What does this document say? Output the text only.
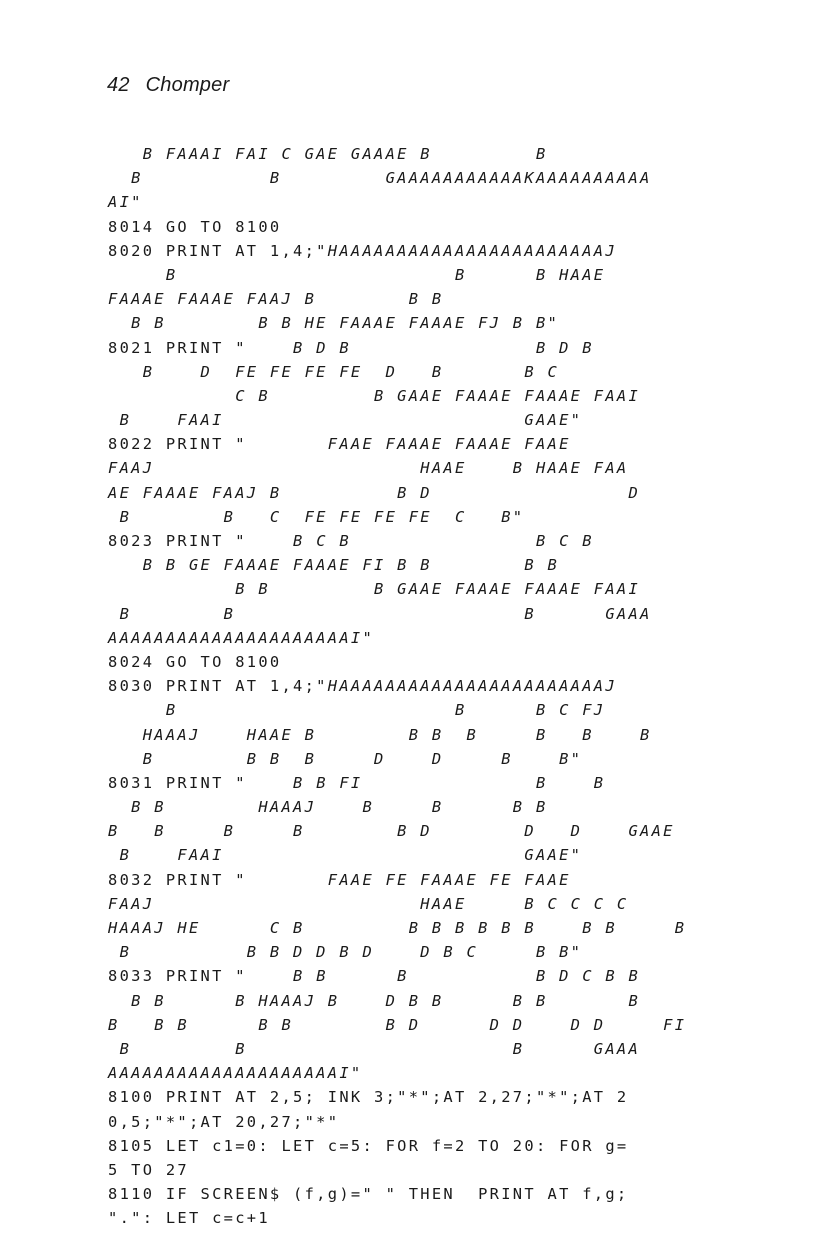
42 Chomper
B FAAAI FAI C GAE GAAAE B         B
B           B         GAAAAAAAAAAAKAAAAAAAAAA
AI"
8014 GO TO 8100
8020 PRINT AT 1,4;"HAAAAAAAAAAAAAAAAAAAAAAAJ
B                        B      B HAAE
FAAAE FAAAE FAAJ B        B B
B B        B B HE FAAAE FAAAE FJ B B"
8021 PRINT "    B D B                B D B
B    D  FE FE FE FE  D   B       B C
C B         B GAAE FAAAE FAAAE FAAI
B    FAAI                          GAAE"
8022 PRINT "       FAAE FAAAE FAAAE FAAE
FAAJ                       HAAE    B HAAE FAA
AE FAAAE FAAJ B          B D                 D
B        B   C  FE FE FE FE  C   B"
8023 PRINT "    B C B                B C B
B B GE FAAAE FAAAE FI B B        B B
B B         B GAAE FAAAE FAAAE FAAI
B        B                         B      GAAA
AAAAAAAAAAAAAAAAAAAAAI"
8024 GO TO 8100
8030 PRINT AT 1,4;"HAAAAAAAAAAAAAAAAAAAAAAAJ
B                        B      B C FJ
HAAAJ    HAAE B        B B  B     B   B    B
B        B B  B     D    D     B    B"
8031 PRINT "    B B FI               B    B
B B        HAAAJ    B     B      B B
B   B     B     B        B D        D   D    GAAE
B    FAAI                          GAAE"
8032 PRINT "       FAAE FE FAAAE FE FAAE
FAAJ                       HAAE     B C C C C
HAAAJ HE      C B         B B B B B B    B B     B
B          B B D D B D    D B C     B B"
8033 PRINT "    B B      B           B D C B B
B B      B HAAAJ B    D B B      B B       B
B   B B      B B        B D      D D    D D     FI
B         B                       B      GAAA
AAAAAAAAAAAAAAAAAAAAI"
8100 PRINT AT 2,5; INK 3;"*";AT 2,27;"*";AT 2
0,5;"*";AT 20,27;"*"
8105 LET c1=0: LET c=5: FOR f=2 TO 20: FOR g=
5 TO 27
8110 IF SCREEN$ (f,g)=" " THEN  PRINT AT f,g;
".": LET c=c+1
